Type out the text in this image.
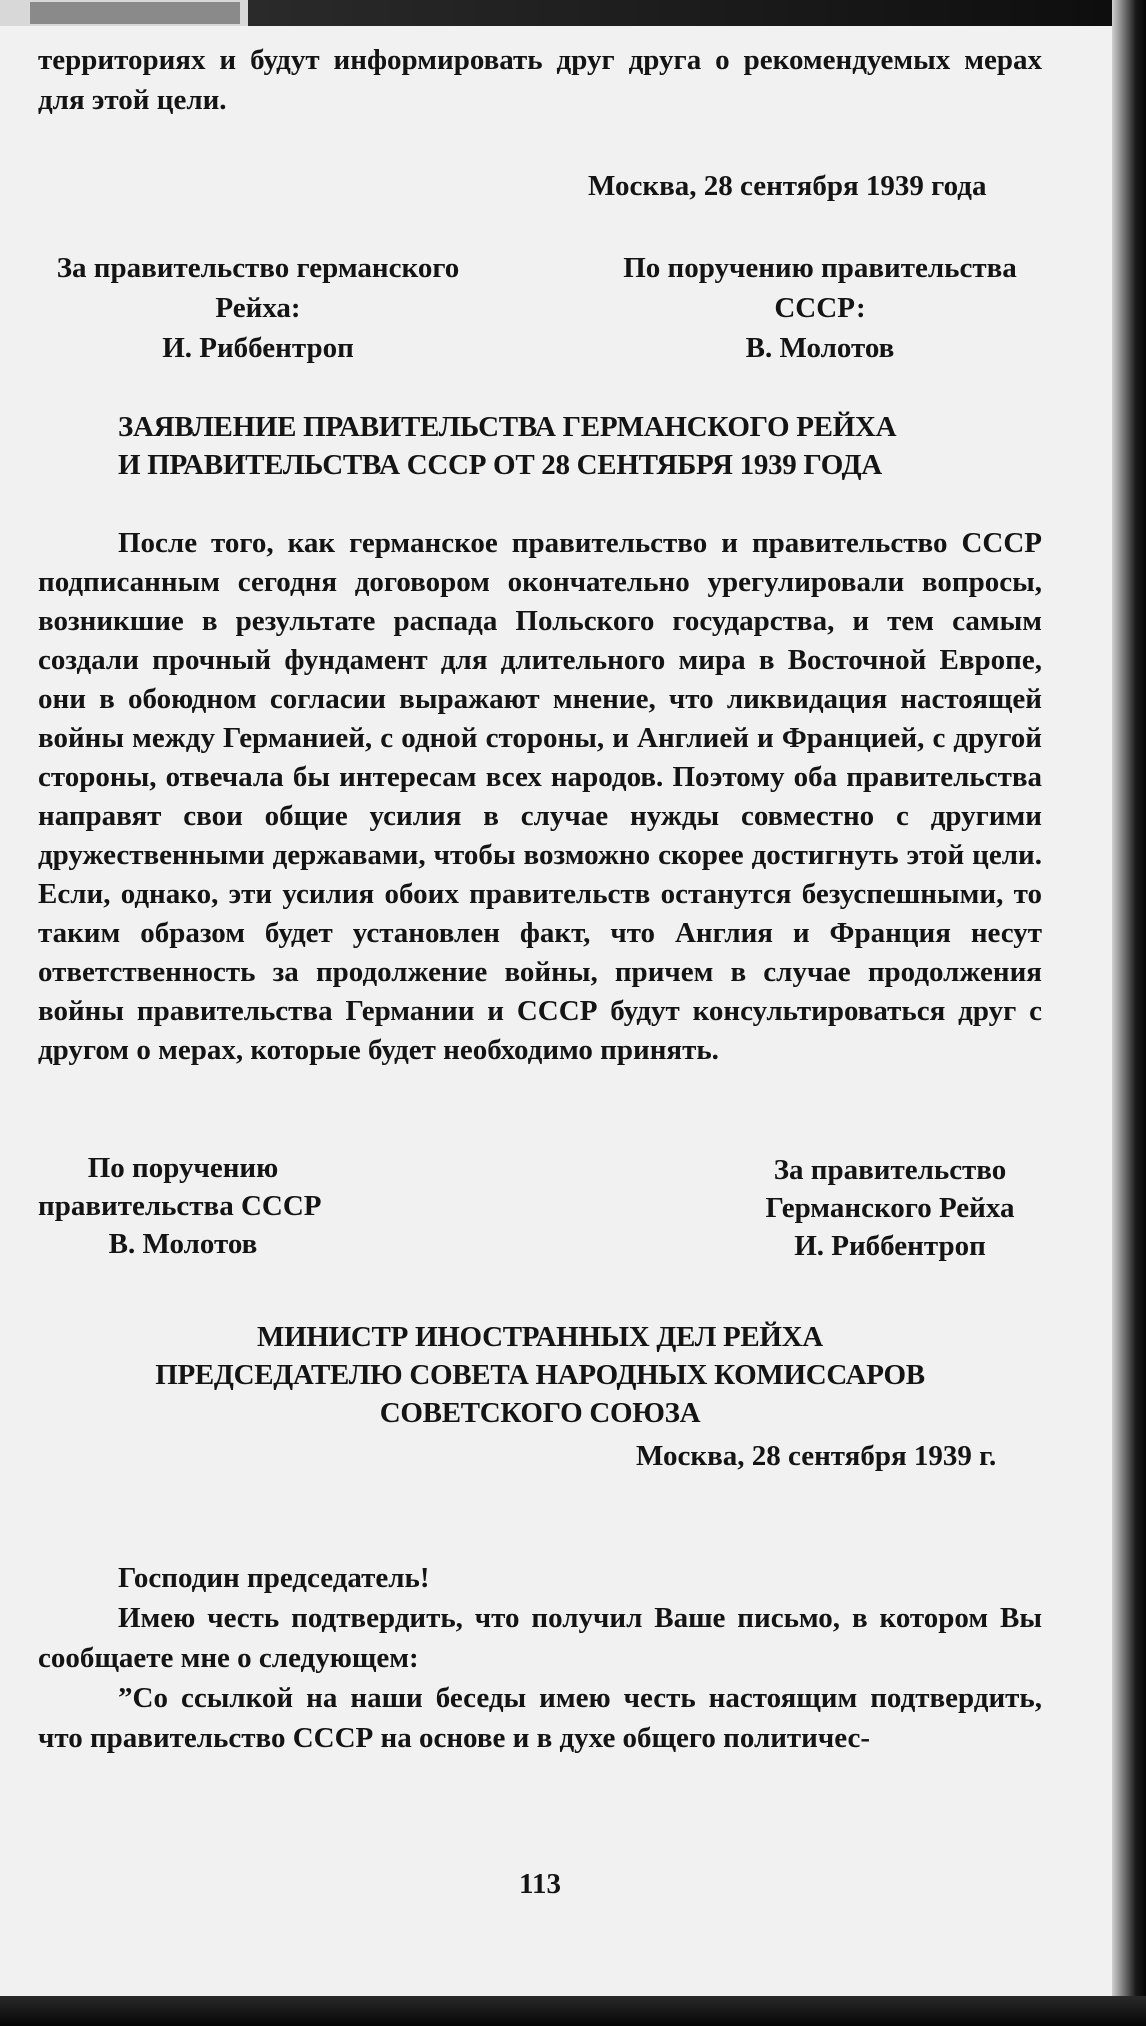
территориях и будут информировать друг друга о рекомендуемых мерах для этой цели.
Москва, 28 сентября 1939 года
За правительство германского
Рейха:
И. Риббентроп
По поручению правительства
СССР:
В. Молотов
ЗАЯВЛЕНИЕ ПРАВИТЕЛЬСТВА ГЕРМАНСКОГО РЕЙХА
И ПРАВИТЕЛЬСТВА СССР ОТ 28 СЕНТЯБРЯ 1939 ГОДА
После того, как германское правительство и правительство СССР подписанным сегодня договором окончательно урегулировали вопросы, возникшие в результате распада Польского государства, и тем самым создали прочный фундамент для длительного мира в Восточной Европе, они в обоюдном согласии выражают мнение, что ликвидация настоящей войны между Германией, с одной стороны, и Англией и Францией, с другой стороны, отвечала бы интересам всех народов. Поэтому оба правительства направят свои общие усилия в случае нужды совместно с другими дружественными державами, чтобы возможно скорее достигнуть этой цели. Если, однако, эти усилия обоих правительств останутся безуспешными, то таким образом будет установлен факт, что Англия и Франция несут ответственность за продолжение войны, причем в случае продолжения войны правительства Германии и СССР будут консультироваться друг с другом о мерах, которые будет необходимо принять.
По поручению
правительства СССР
В. Молотов
За правительство
Германского Рейха
И. Риббентроп
МИНИСТР ИНОСТРАННЫХ ДЕЛ РЕЙХА
ПРЕДСЕДАТЕЛЮ СОВЕТА НАРОДНЫХ КОМИССАРОВ
СОВЕТСКОГО СОЮЗА
Москва, 28 сентября 1939 г.
Господин председатель!
Имею честь подтвердить, что получил Ваше письмо, в котором Вы сообщаете мне о следующем:
”Со ссылкой на наши беседы имею честь настоящим подтвердить, что правительство СССР на основе и в духе общего политичес-
113
